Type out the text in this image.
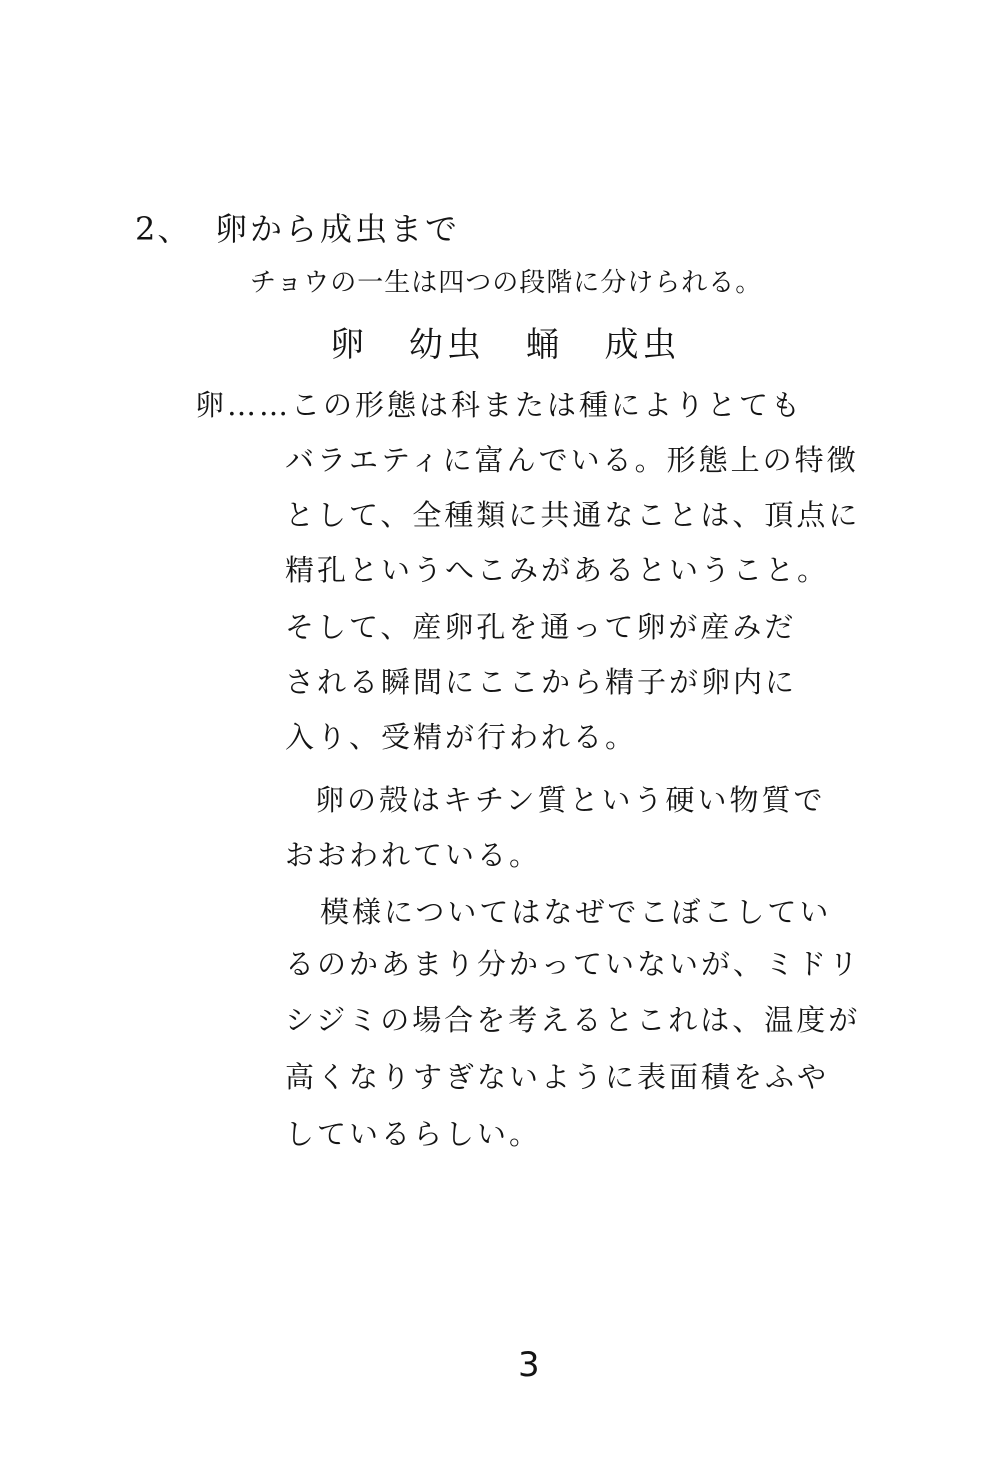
2、 卵から成虫まで
チョウの一生は四つの段階に分けられる。
卵 幼虫 蛹 成虫
卵……この形態は科または種によりとても
バラエティに富んでいる。形態上の特徴
として、全種類に共通なことは、頂点に
精孔というへこみがあるということ。
そして、産卵孔を通って卵が産みだ
される瞬間にここから精子が卵内に
入り、受精が行われる。
卵の殻はキチン質という硬い物質で
おおわれている。
模様についてはなぜでこぼこしてい
るのかあまり分かっていないが、ミドリ
シジミの場合を考えるとこれは、温度が
高くなりすぎないように表面積をふや
しているらしい。
3
